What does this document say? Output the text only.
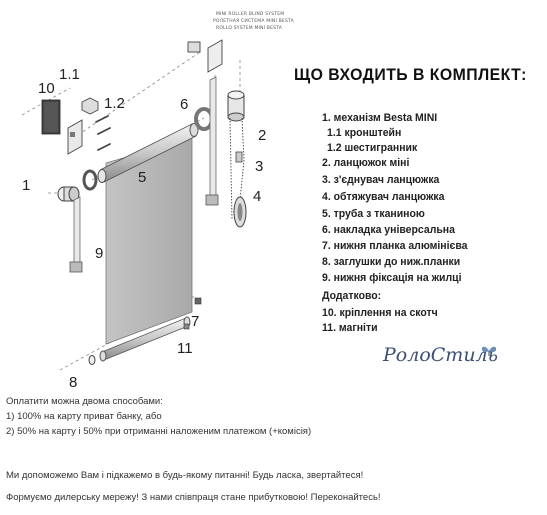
MINI ROLLER BLIND SYSTEM
РОЛЕТНАЯ СИСТЕМА MINI BESTA
ROLLO SYSTEM MINI BESTA
1.1
10
1.2	6
2
3
4
5
1
9
7
11
8
ЩО ВХОДИТЬ В КОМПЛЕКТ:
1. механізм Besta MINI
1.1 кронштейн
1.2 шестигранник
2. ланцюжок міні
3. з'єднувач ланцюжка
4. обтяжувач ланцюжка
5. труба з тканиною
6. накладка універсальна
7. нижня планка алюмінієва
8. заглушки до ниж.планки
9. нижня фіксація на жилці
Додатково:
10. кріплення на скотч
11. магніти
РолоСтиль
Оплатити можна двома способами:
1) 100% на карту приват банку, або
2) 50% на карту і 50% при отриманні наложеним платежом (+комісія)
Ми допоможемо Вам і підкажемо в будь-якому питанні! Будь ласка, звертайтеся!
Формуємо дилерську мережу! З нами співпраця стане прибутковою! Переконайтесь!
